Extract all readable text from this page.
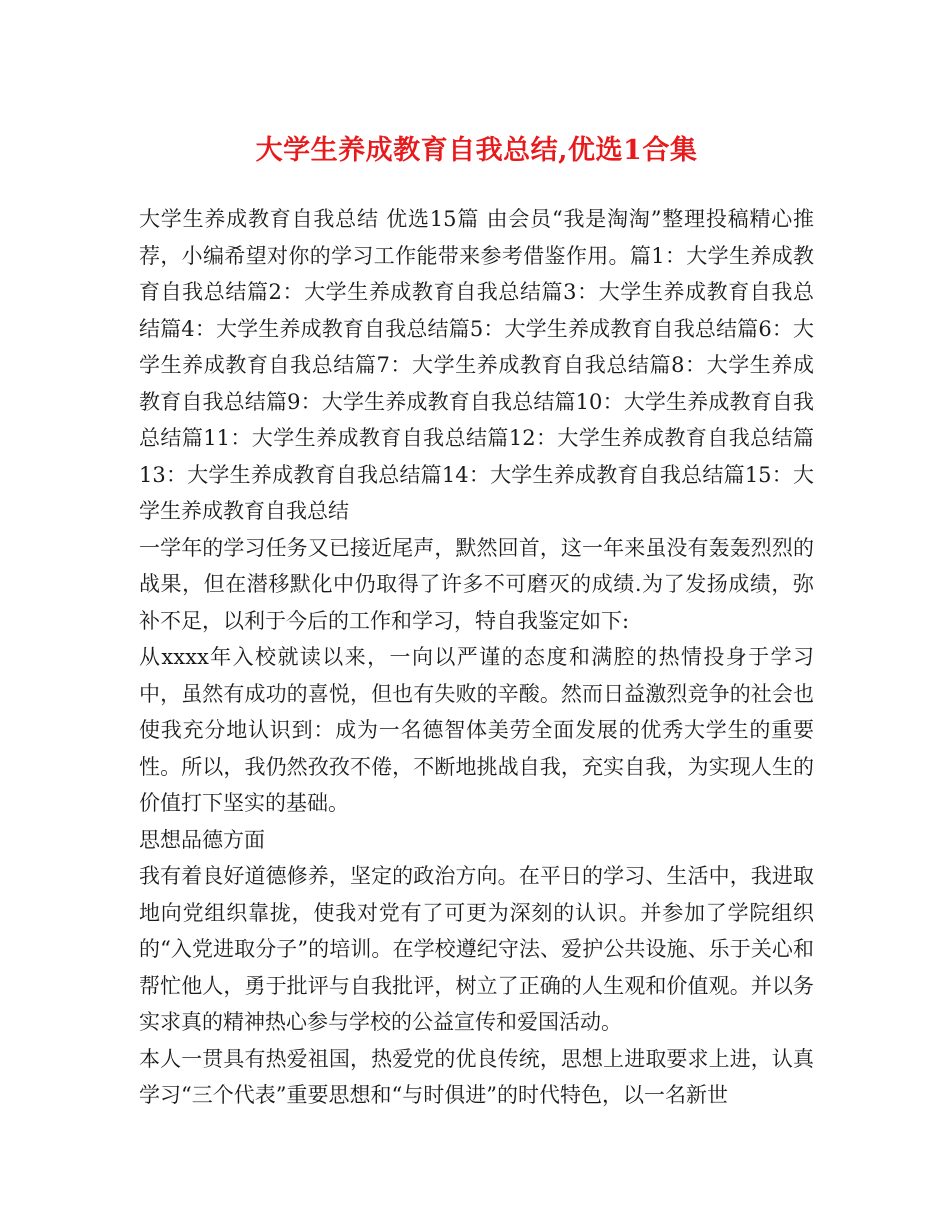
大学生养成教育自我总结,优选1合集

大学生养成教育自我总结 优选15篇 由会员“我是淘淘”整理投稿精心推荐，小编希望对你的学习工作能带来参考借鉴作用。篇1：大学生养成教育自我总结篇2：大学生养成教育自我总结篇3：大学生养成教育自我总结篇4：大学生养成教育自我总结篇5：大学生养成教育自我总结篇6：大学生养成教育自我总结篇7：大学生养成教育自我总结篇8：大学生养成教育自我总结篇9：大学生养成教育自我总结篇10：大学生养成教育自我总结篇11：大学生养成教育自我总结篇12：大学生养成教育自我总结篇13：大学生养成教育自我总结篇14：大学生养成教育自我总结篇15：大学生养成教育自我总结

一学年的学习任务又已接近尾声，默然回首，这一年来虽没有轰轰烈烈的战果，但在潜移默化中仍取得了许多不可磨灭的成绩.为了发扬成绩，弥补不足，以利于今后的工作和学习，特自我鉴定如下:

从xxxx年入校就读以来，一向以严谨的态度和满腔的热情投身于学习中，虽然有成功的喜悦，但也有失败的辛酸。然而日益激烈竞争的社会也使我充分地认识到：成为一名德智体美劳全面发展的优秀大学生的重要性。所以，我仍然孜孜不倦，不断地挑战自我，充实自我，为实现人生的价值打下坚实的基础。

思想品德方面

我有着良好道德修养，坚定的政治方向。在平日的学习、生活中，我进取地向党组织靠拢，使我对党有了可更为深刻的认识。并参加了学院组织的“入党进取分子”的培训。在学校遵纪守法、爱护公共设施、乐于关心和帮忙他人，勇于批评与自我批评，树立了正确的人生观和价值观。并以务实求真的精神热心参与学校的公益宣传和爱国活动。

本人一贯具有热爱祖国，热爱党的优良传统，思想上进取要求上进，认真学习“三个代表”重要思想和“与时俱进”的时代特色，以一名新世
